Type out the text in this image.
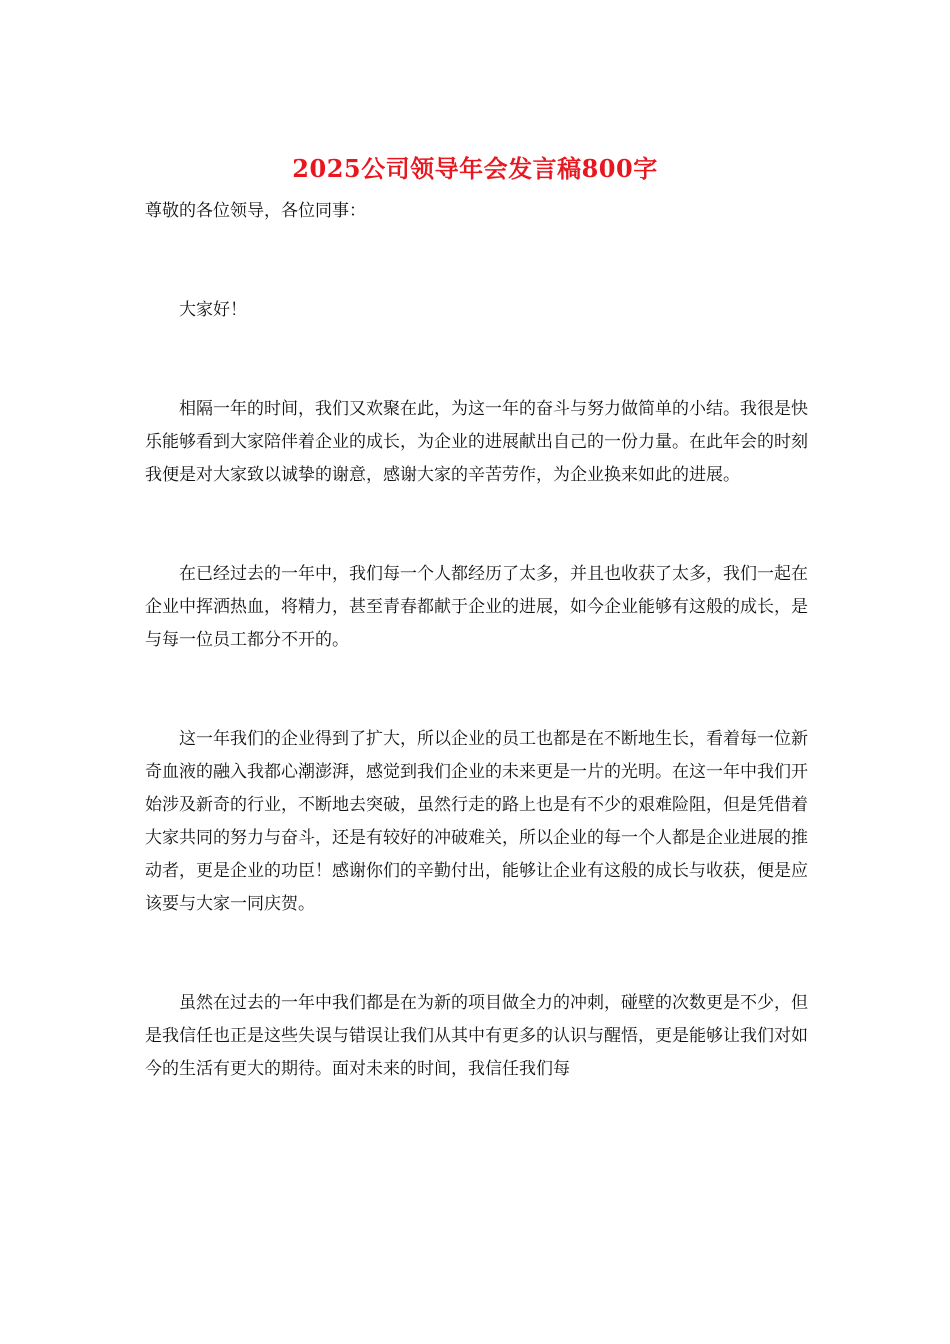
2025公司领导年会发言稿800字

尊敬的各位领导，各位同事：

大家好！

相隔一年的时间，我们又欢聚在此，为这一年的奋斗与努力做简单的小结。我很是快乐能够看到大家陪伴着企业的成长，为企业的进展献出自己的一份力量。在此年会的时刻我便是对大家致以诚挚的谢意，感谢大家的辛苦劳作，为企业换来如此的进展。

在已经过去的一年中，我们每一个人都经历了太多，并且也收获了太多，我们一起在企业中挥洒热血，将精力，甚至青春都献于企业的进展，如今企业能够有这般的成长，是与每一位员工都分不开的。

这一年我们的企业得到了扩大，所以企业的员工也都是在不断地生长，看着每一位新奇血液的融入我都心潮澎湃，感觉到我们企业的未来更是一片的光明。在这一年中我们开始涉及新奇的行业，不断地去突破，虽然行走的路上也是有不少的艰难险阻，但是凭借着大家共同的努力与奋斗，还是有较好的冲破难关，所以企业的每一个人都是企业进展的推动者，更是企业的功臣！感谢你们的辛勤付出，能够让企业有这般的成长与收获，便是应该要与大家一同庆贺。

虽然在过去的一年中我们都是在为新的项目做全力的冲刺，碰壁的次数更是不少，但是我信任也正是这些失误与错误让我们从其中有更多的认识与醒悟，更是能够让我们对如今的生活有更大的期待。面对未来的时间，我信任我们每
